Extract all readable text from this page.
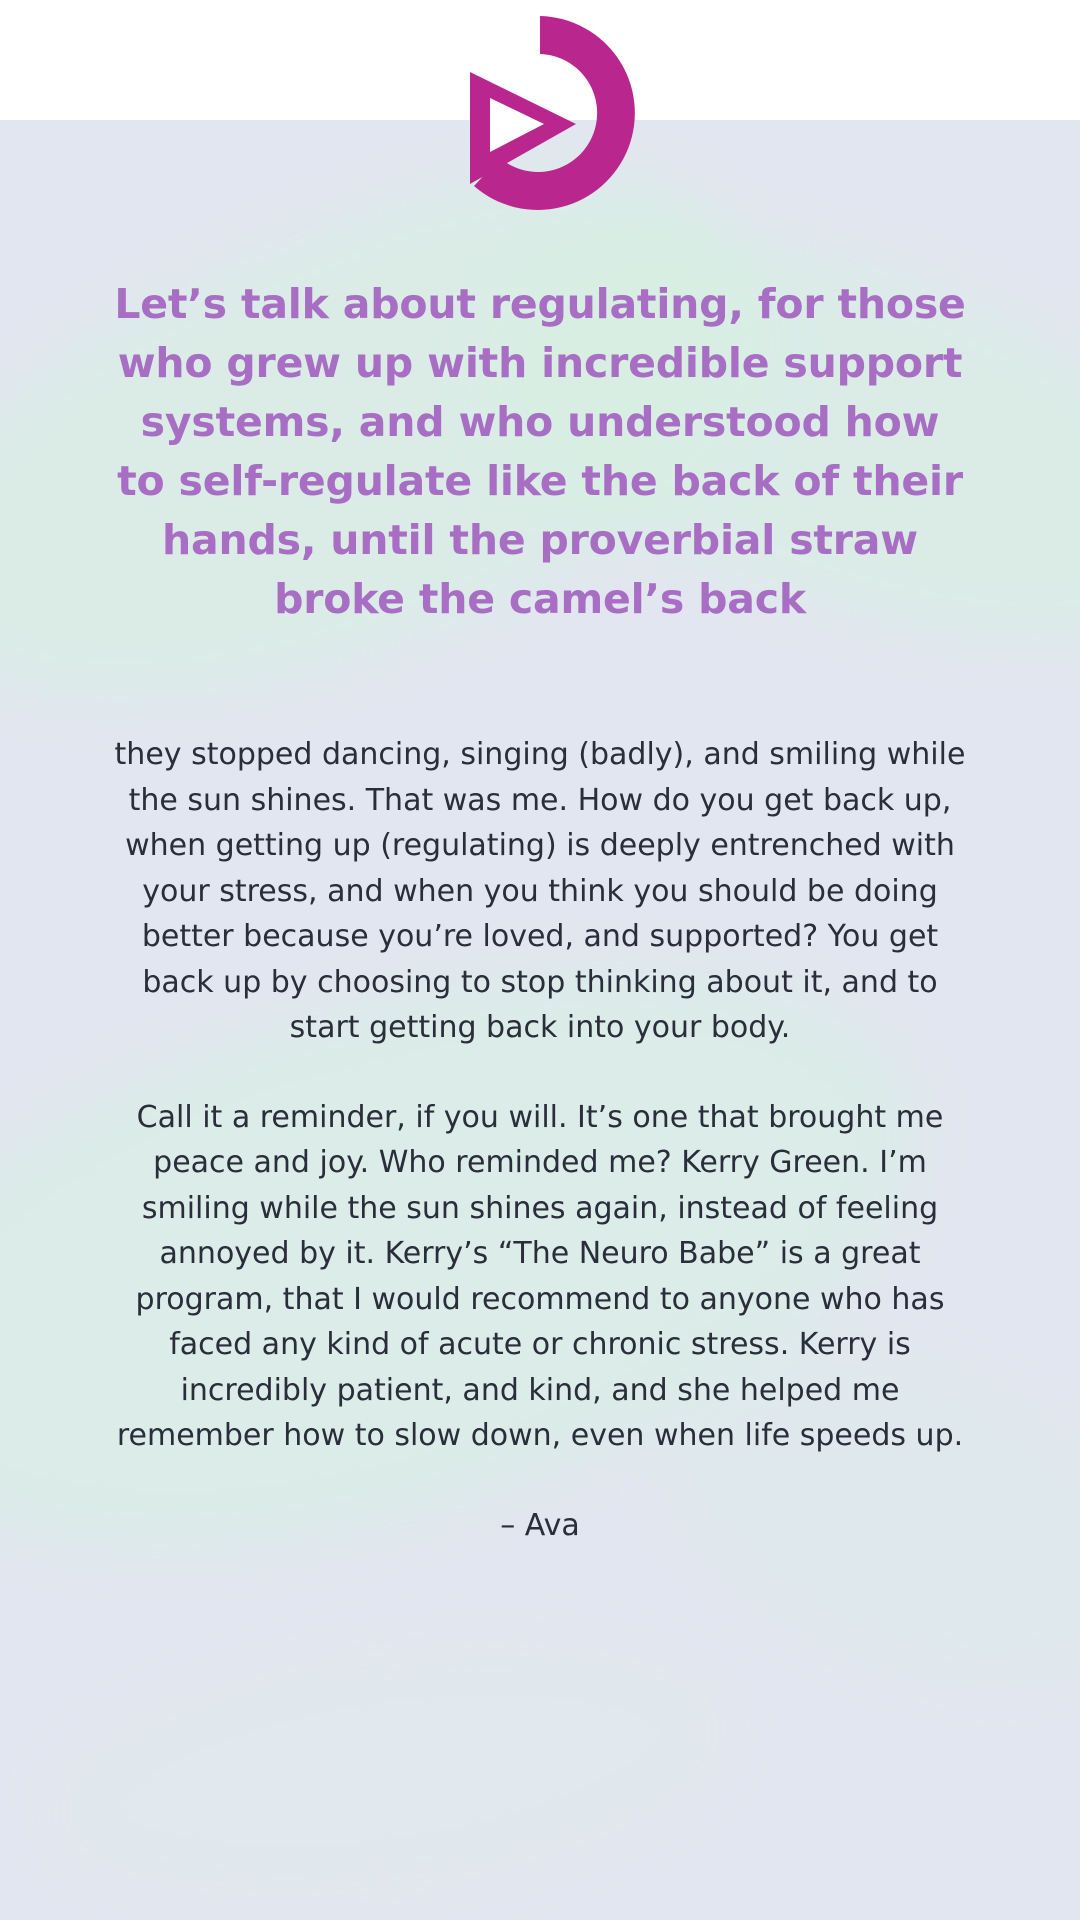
Let’s talk about regulating, for those who grew up with incredible support systems, and who understood how to self-regulate like the back of their hands, until the proverbial straw broke the camel’s back

they stopped dancing, singing (badly), and smiling while the sun shines. That was me. How do you get back up, when getting up (regulating) is deeply entrenched with your stress, and when you think you should be doing better because you’re loved, and supported? You get back up by choosing to stop thinking about it, and to start getting back into your body.

Call it a reminder, if you will. It’s one that brought me peace and joy. Who reminded me? Kerry Green. I’m smiling while the sun shines again, instead of feeling annoyed by it. Kerry’s “The Neuro Babe” is a great program, that I would recommend to anyone who has faced any kind of acute or chronic stress. Kerry is incredibly patient, and kind, and she helped me remember how to slow down, even when life speeds up.

– Ava
